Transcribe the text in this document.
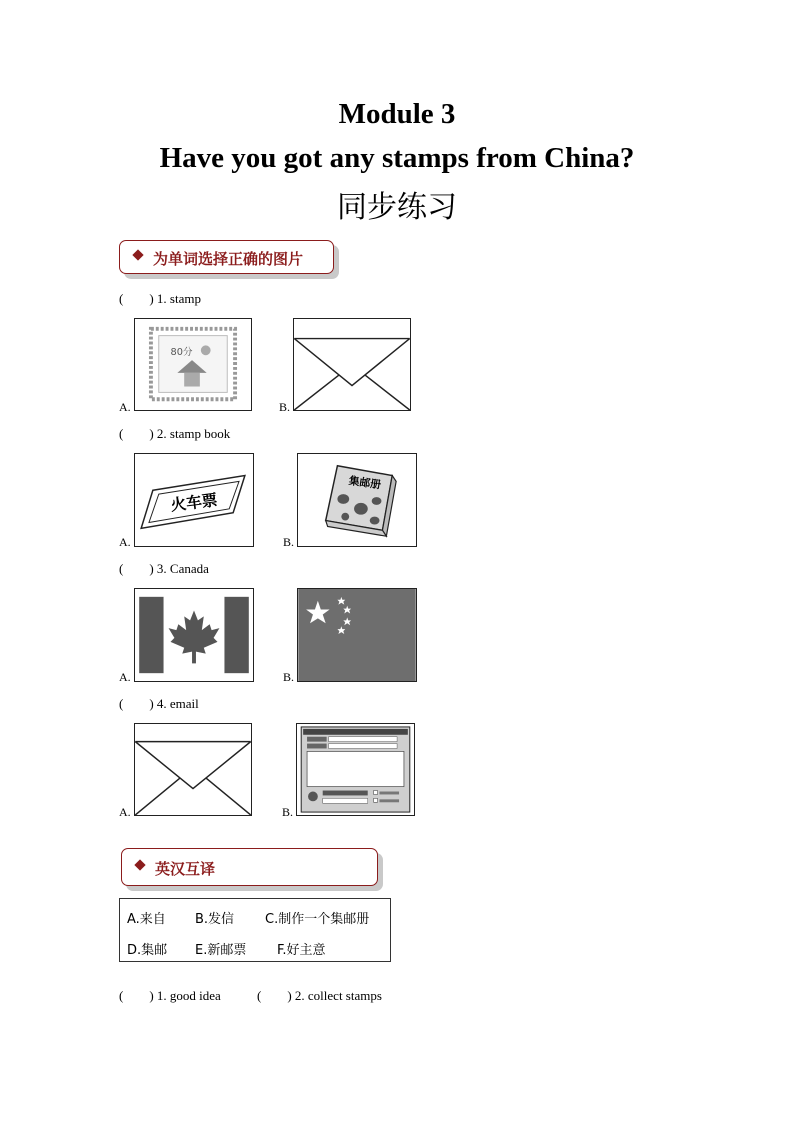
Module 3
Have you got any stamps from China?
同步练习
为单词选择正确的图片
(        ) 1. stamp
A.
80分
B.
(        ) 2. stamp book
A.
火车票
B.
集邮册
(        ) 3. Canada
A.	B.
(        ) 4. email
A.	B.
英汉互译
A.来自 B.发信 C.制作一个集邮册
D.集邮 E.新邮票 F.好主意
(        ) 1. good idea	(        ) 2. collect stamps
